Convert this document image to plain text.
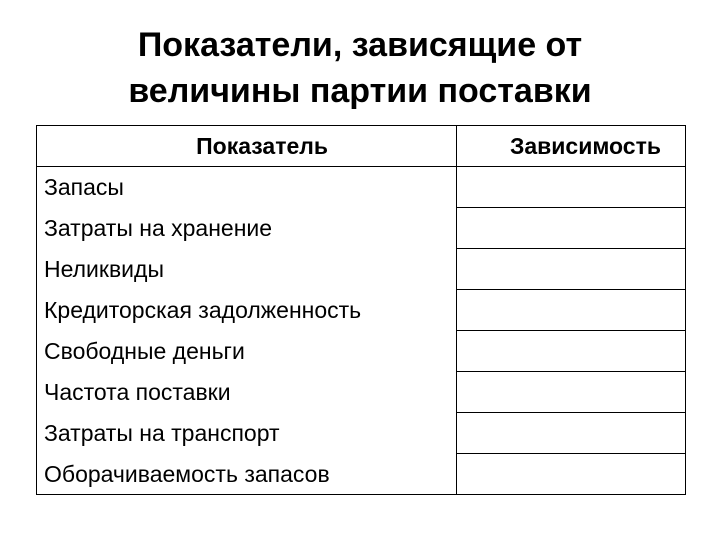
Показатели, зависящие от
величины партии поставки
Показатель	Зависимость
Запасы	
Затраты на хранение	
Неликвиды	
Кредиторская задолженность	
Свободные деньги	
Частота поставки	
Затраты на транспорт	
Оборачиваемость запасов	
